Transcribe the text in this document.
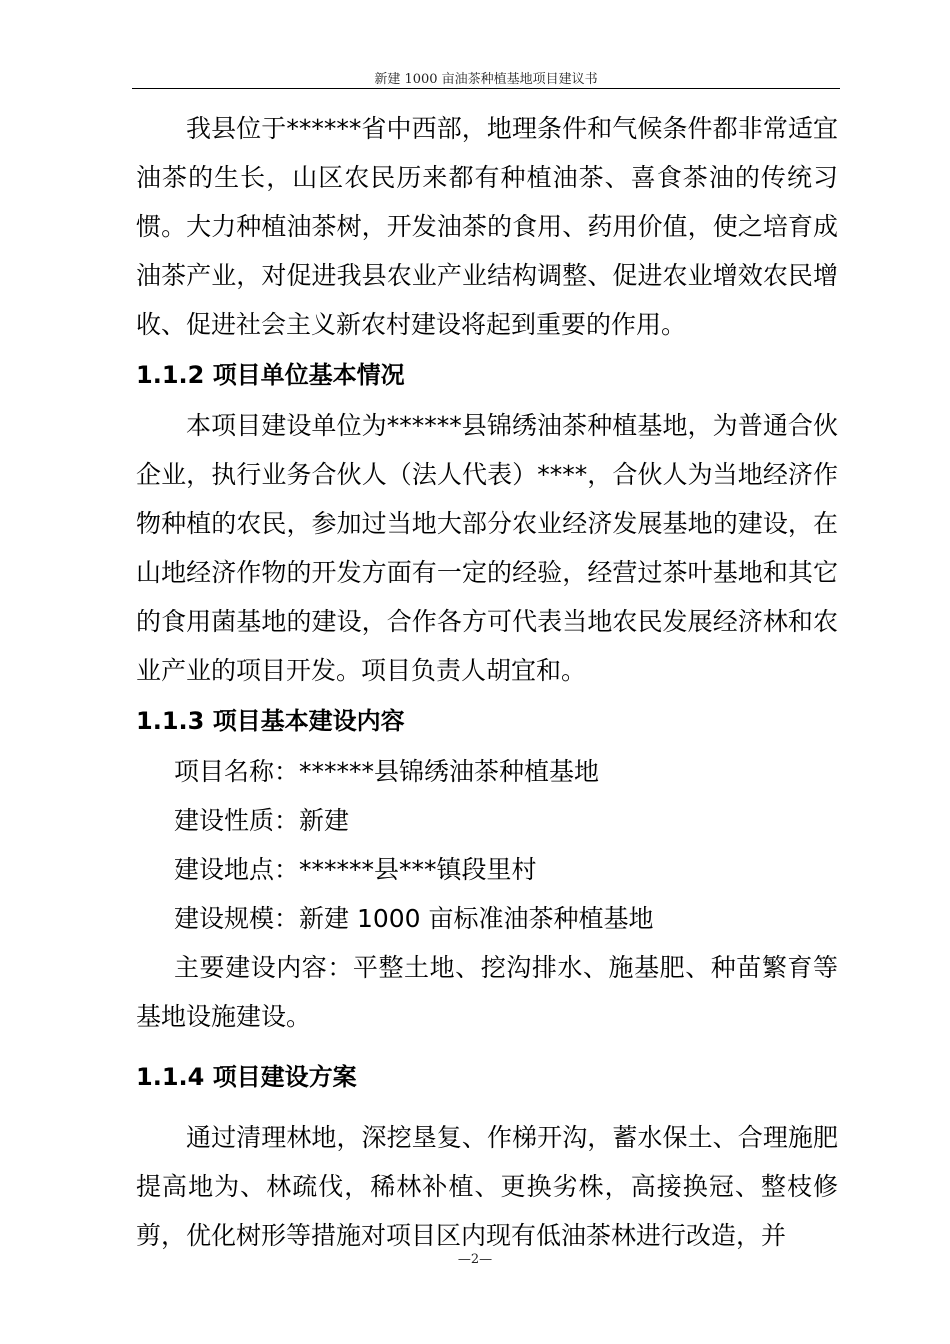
新建 1000 亩油茶种植基地项目建议书

我县位于******省中西部，地理条件和气候条件都非常适宜油茶的生长，山区农民历来都有种植油茶、喜食茶油的传统习惯。大力种植油茶树，开发油茶的食用、药用价值，使之培育成油茶产业，对促进我县农业产业结构调整、促进农业增效农民增收、促进社会主义新农村建设将起到重要的作用。

1.1.2 项目单位基本情况

本项目建设单位为******县锦绣油茶种植基地，为普通合伙企业，执行业务合伙人（法人代表）****，合伙人为当地经济作物种植的农民，参加过当地大部分农业经济发展基地的建设，在山地经济作物的开发方面有一定的经验，经营过茶叶基地和其它的食用菌基地的建设，合作各方可代表当地农民发展经济林和农业产业的项目开发。项目负责人胡宜和。

1.1.3 项目基本建设内容

项目名称：******县锦绣油茶种植基地

建设性质：新建

建设地点：******县***镇段里村

建设规模：新建 1000 亩标准油茶种植基地

主要建设内容：平整土地、挖沟排水、施基肥、种苗繁育等基地设施建设。

1.1.4 项目建设方案

通过清理林地，深挖垦复、作梯开沟，蓄水保土、合理施肥提高地为、林疏伐，稀林补植、更换劣株，高接换冠、整枝修剪，优化树形等措施对项目区内现有低油茶林进行改造，并

—2—
